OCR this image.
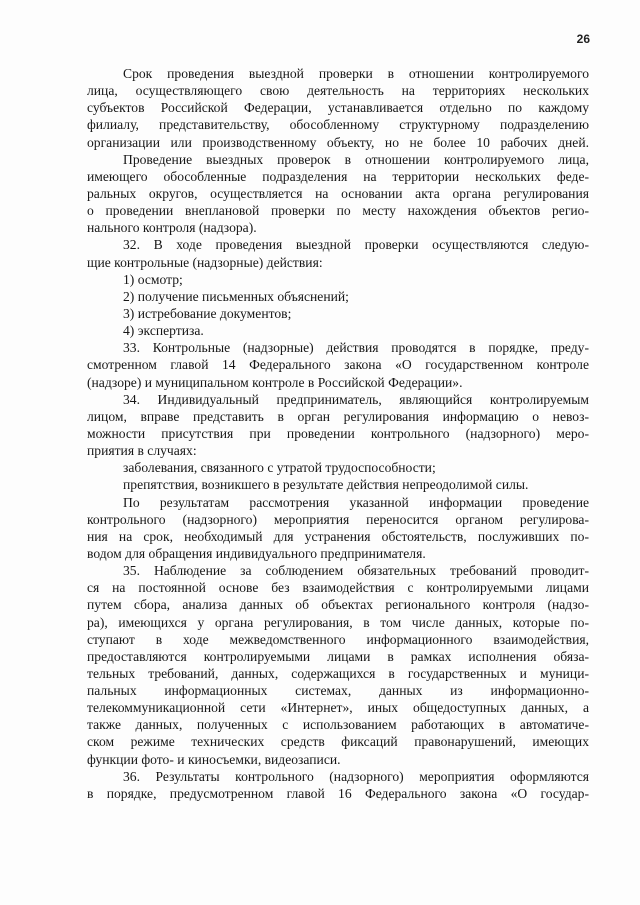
26
Срок проведения выездной проверки в отношении контролируемого
лица, осуществляющего свою деятельность на территориях нескольких
субъектов Российской Федерации, устанавливается отдельно по каждому
филиалу, представительству, обособленному структурному подразделению
организации или производственному объекту, но не более 10 рабочих дней.
Проведение выездных проверок в отношении контролируемого лица,
имеющего обособленные подразделения на территории нескольких феде-
ральных округов, осуществляется на основании акта органа регулирования
о проведении внеплановой проверки по месту нахождения объектов регио-
нального контроля (надзора).
32. В ходе проведения выездной проверки осуществляются следую-
щие контрольные (надзорные) действия:
1) осмотр;
2) получение письменных объяснений;
3) истребование документов;
4) экспертиза.
33. Контрольные (надзорные) действия проводятся в порядке, преду-
смотренном главой 14 Федерального закона «О государственном контроле
(надзоре) и муниципальном контроле в Российской Федерации».
34. Индивидуальный предприниматель, являющийся контролируемым
лицом, вправе представить в орган регулирования информацию о невоз-
можности присутствия при проведении контрольного (надзорного) меро-
приятия в случаях:
заболевания, связанного с утратой трудоспособности;
препятствия, возникшего в результате действия непреодолимой силы.
По результатам рассмотрения указанной информации проведение
контрольного (надзорного) мероприятия переносится органом регулирова-
ния на срок, необходимый для устранения обстоятельств, послуживших по-
водом для обращения индивидуального предпринимателя.
35. Наблюдение за соблюдением обязательных требований проводит-
ся на постоянной основе без взаимодействия с контролируемыми лицами
путем сбора, анализа данных об объектах регионального контроля (надзо-
ра), имеющихся у органа регулирования, в том числе данных, которые по-
ступают в ходе межведомственного информационного взаимодействия,
предоставляются контролируемыми лицами в рамках исполнения обяза-
тельных требований, данных, содержащихся в государственных и муници-
пальных информационных системах, данных из информационно-
телекоммуникационной сети «Интернет», иных общедоступных данных, а
также данных, полученных с использованием работающих в автоматиче-
ском режиме технических средств фиксаций правонарушений, имеющих
функции фото- и киносъемки, видеозаписи.
36. Результаты контрольного (надзорного) мероприятия оформляются
в порядке, предусмотренном главой 16 Федерального закона «О государ-
